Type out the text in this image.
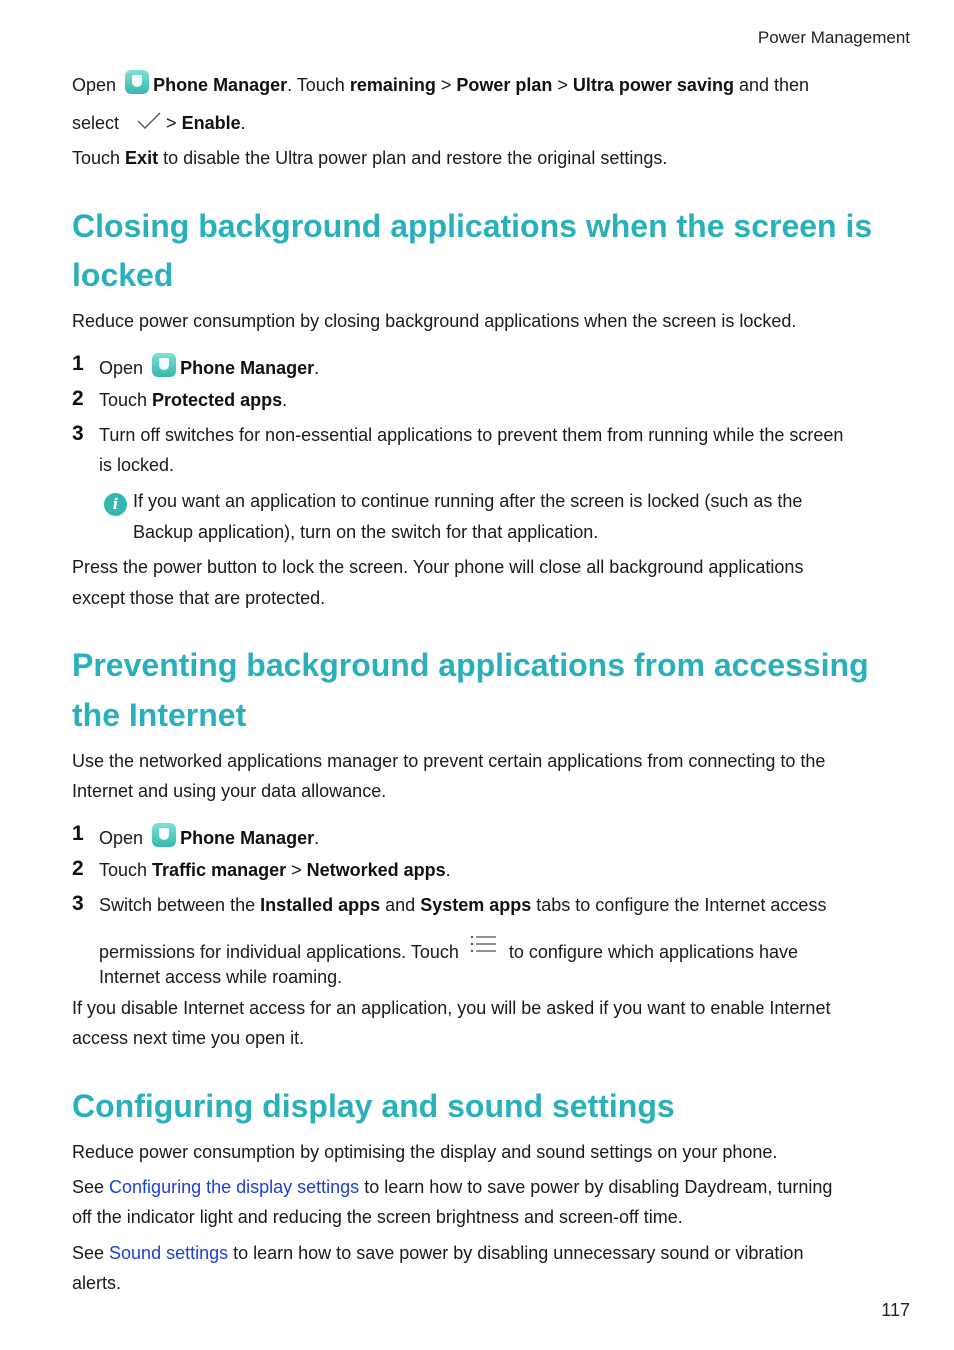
Power Management
Open Phone Manager. Touch remaining > Power plan > Ultra power saving and then
select	> Enable.
Touch Exit to disable the Ultra power plan and restore the original settings.
Closing background applications when the screen is
locked
Reduce power consumption by closing background applications when the screen is locked.
1 Open Phone Manager.
2 Touch Protected apps.
3 Turn off switches for non-essential applications to prevent them from running while the screen
is locked.
i If you want an application to continue running after the screen is locked (such as the
Backup application), turn on the switch for that application.
Press the power button to lock the screen. Your phone will close all background applications
except those that are protected.
Preventing background applications from accessing
the Internet
Use the networked applications manager to prevent certain applications from connecting to the
Internet and using your data allowance.
1 Open Phone Manager.
2 Touch Traffic manager > Networked apps.
3 Switch between the Installed apps and System apps tabs to configure the Internet access
permissions for individual applications. Touch	to configure which applications have
Internet access while roaming.
If you disable Internet access for an application, you will be asked if you want to enable Internet
access next time you open it.
Configuring display and sound settings
Reduce power consumption by optimising the display and sound settings on your phone.
See Configuring the display settings to learn how to save power by disabling Daydream, turning
off the indicator light and reducing the screen brightness and screen-off time.
See Sound settings to learn how to save power by disabling unnecessary sound or vibration
alerts.
117
